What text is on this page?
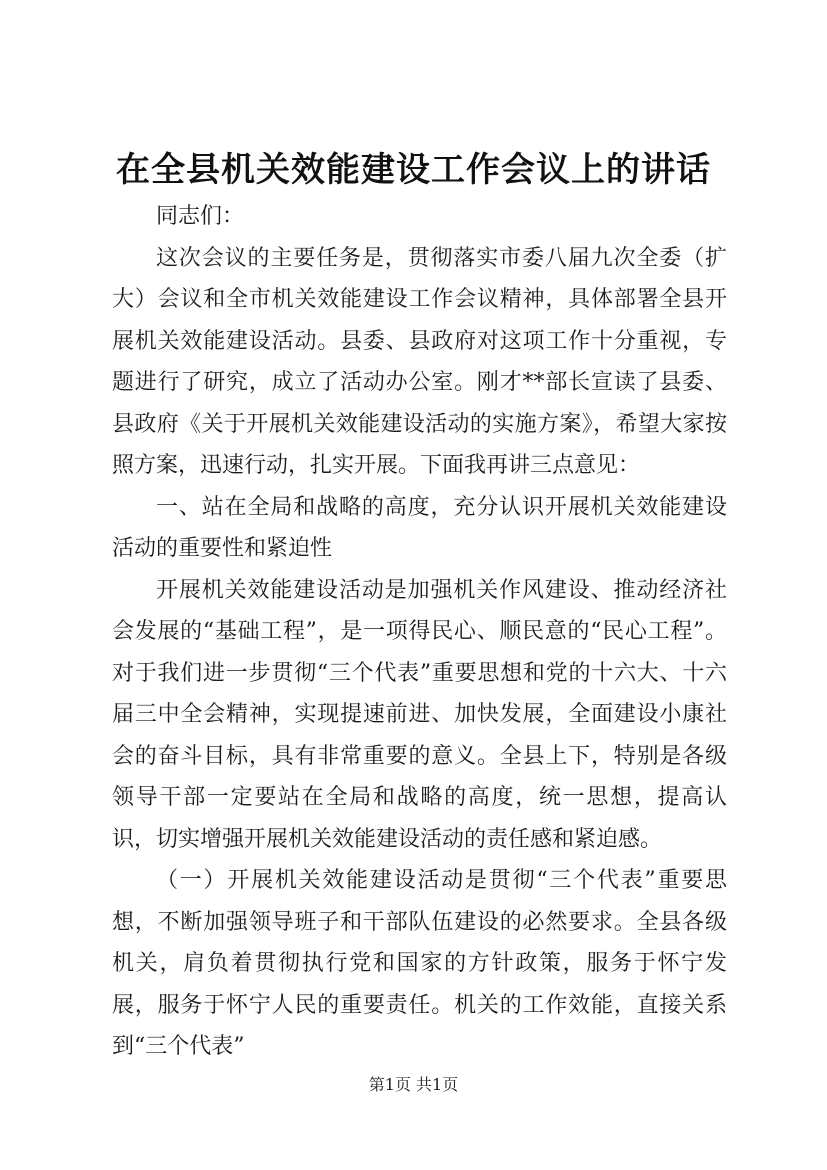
在全县机关效能建设工作会议上的讲话

同志们：

这次会议的主要任务是，贯彻落实市委八届九次全委（扩大）会议和全市机关效能建设工作会议精神，具体部署全县开展机关效能建设活动。县委、县政府对这项工作十分重视，专题进行了研究，成立了活动办公室。刚才**部长宣读了县委、县政府《关于开展机关效能建设活动的实施方案》，希望大家按照方案，迅速行动，扎实开展。下面我再讲三点意见：

一、站在全局和战略的高度，充分认识开展机关效能建设活动的重要性和紧迫性

开展机关效能建设活动是加强机关作风建设、推动经济社会发展的“基础工程”，是一项得民心、顺民意的“民心工程”。对于我们进一步贯彻“三个代表”重要思想和党的十六大、十六届三中全会精神，实现提速前进、加快发展，全面建设小康社会的奋斗目标，具有非常重要的意义。全县上下，特别是各级领导干部一定要站在全局和战略的高度，统一思想，提高认识，切实增强开展机关效能建设活动的责任感和紧迫感。

（一）开展机关效能建设活动是贯彻“三个代表”重要思想，不断加强领导班子和干部队伍建设的必然要求。全县各级机关，肩负着贯彻执行党和国家的方针政策，服务于怀宁发展，服务于怀宁人民的重要责任。机关的工作效能，直接关系到“三个代表”

第1页 共1页
